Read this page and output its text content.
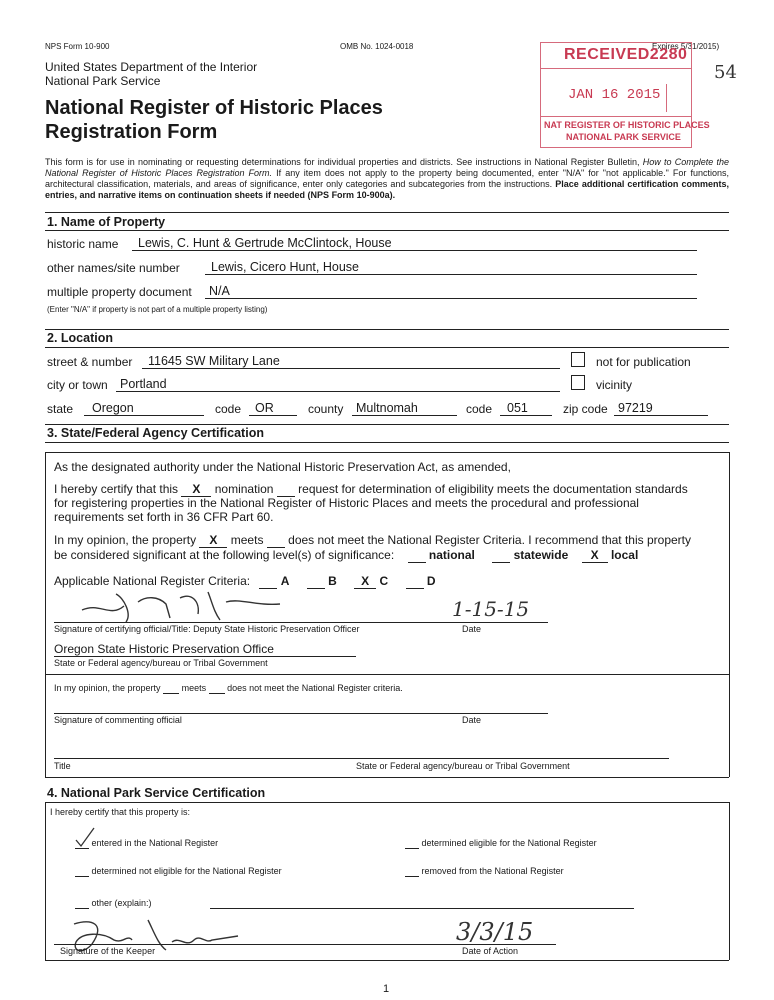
NPS Form 10-900	OMB No. 1024-0018	Expires 5/31/2015)
United States Department of the Interior
National Park Service
National Register of Historic Places
Registration Form
54
RECEIVED2280
JAN 16 2015
NAT REGISTER OF HISTORIC PLACES
NATIONAL PARK SERVICE
This form is for use in nominating or requesting determinations for individual properties and districts. See instructions in National Register Bulletin, How to Complete the National Register of Historic Places Registration Form. If any item does not apply to the property being documented, enter "N/A" for "not applicable." For functions, architectural classification, materials, and areas of significance, enter only categories and subcategories from the instructions. Place additional certification comments, entries, and narrative items on continuation sheets if needed (NPS Form 10-900a).
1. Name of Property
historic name	Lewis, C. Hunt & Gertrude McClintock, House
other names/site number	Lewis, Cicero Hunt, House
multiple property document	N/A
(Enter "N/A" if property is not part of a multiple property listing)
2. Location
street & number	11645 SW Military Lane	not for publication
city or town Portland	vicinity
state	Oregon	code	OR	county	Multnomah	code	051	zip code 97219
3. State/Federal Agency Certification
As the designated authority under the National Historic Preservation Act, as amended,
I hereby certify that this X nomination request for determination of eligibility meets the documentation standards
for registering properties in the National Register of Historic Places and meets the procedural and professional
requirements set forth in 36 CFR Part 60.
In my opinion, the property X meets does not meet the National Register Criteria. I recommend that this property
be considered significant at the following level(s) of significance:	national	statewide X local
Applicable National Register Criteria:	A	B X C	D
1-15-15
Signature of certifying official/Title: Deputy State Historic Preservation Officer	Date
Oregon State Historic Preservation Office
State or Federal agency/bureau or Tribal Government
In my opinion, the property meets does not meet the National Register criteria.
Signature of commenting official	Date
Title	State or Federal agency/bureau or Tribal Government
4. National Park Service Certification
I hereby certify that this property is:
entered in the National Register	determined eligible for the National Register
determined not eligible for the National Register	removed from the National Register
other (explain:)
3/3/15
Signature of the Keeper	Date of Action
1
